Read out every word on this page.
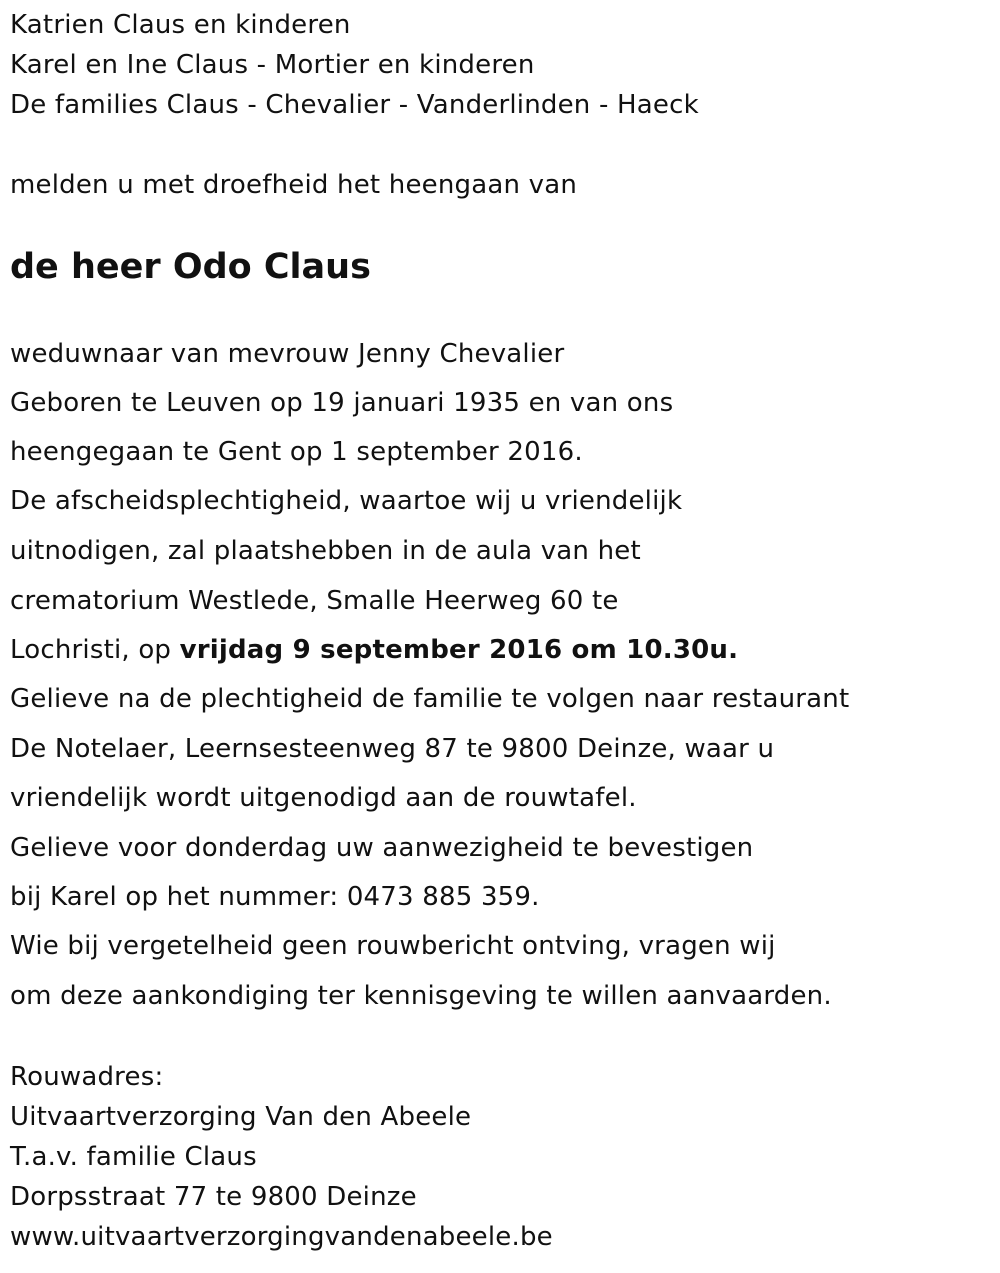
Katrien Claus en kinderen
Karel en Ine Claus - Mortier en kinderen
De families Claus - Chevalier - Vanderlinden - Haeck
melden u met droefheid het heengaan van
de heer Odo Claus
weduwnaar van mevrouw Jenny Chevalier
Geboren te Leuven op 19 januari 1935 en van ons
heengegaan te Gent op 1 september 2016.
De afscheidsplechtigheid, waartoe wij u vriendelijk
uitnodigen, zal plaatshebben in de aula van het
crematorium Westlede, Smalle Heerweg 60 te
Lochristi, op vrijdag 9 september 2016 om 10.30u.
Gelieve na de plechtigheid de familie te volgen naar restaurant
De Notelaer, Leernsesteenweg 87 te 9800 Deinze, waar u
vriendelijk wordt uitgenodigd aan de rouwtafel.
Gelieve voor donderdag uw aanwezigheid te bevestigen
bij Karel op het nummer: 0473 885 359.
Wie bij vergetelheid geen rouwbericht ontving, vragen wij
om deze aankondiging ter kennisgeving te willen aanvaarden.
Rouwadres:
Uitvaartverzorging Van den Abeele
T.a.v. familie Claus
Dorpsstraat 77 te 9800 Deinze
www.uitvaartverzorgingvandenabeele.be
